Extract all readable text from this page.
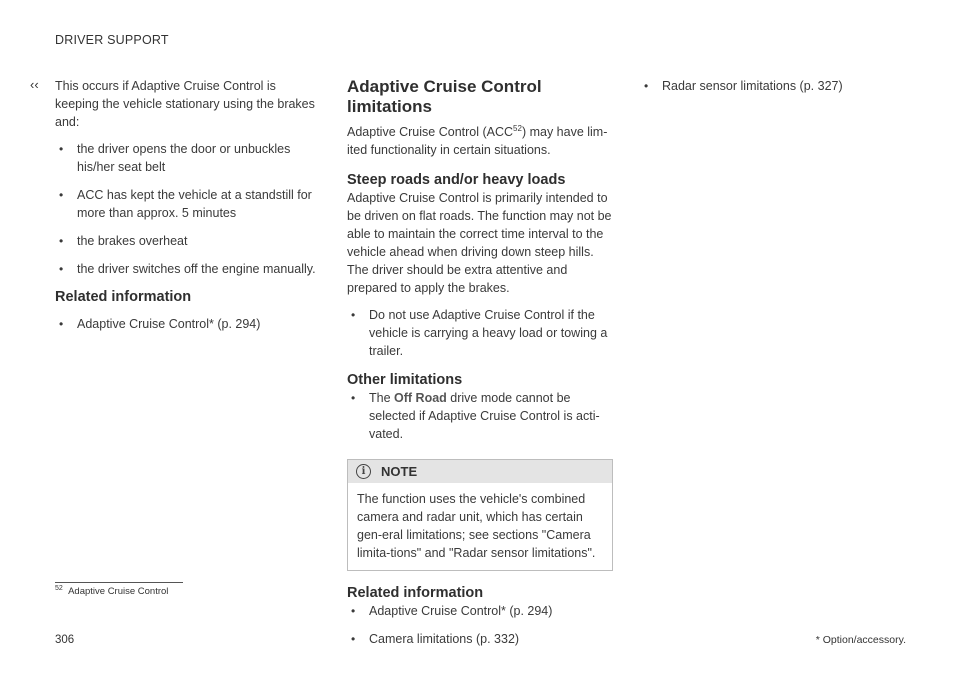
DRIVER SUPPORT
‹‹ This occurs if Adaptive Cruise Control is keeping the vehicle stationary using the brakes and:

• the driver opens the door or unbuckles his/her seat belt
• ACC has kept the vehicle at a standstill for more than approx. 5 minutes
• the brakes overheat
• the driver switches off the engine manually.
Related information
• Adaptive Cruise Control* (p. 294)
Adaptive Cruise Control limitations

Adaptive Cruise Control (ACC$^{52}$) may have lim-ited functionality in certain situations.

Steep roads and/or heavy loads

Adaptive Cruise Control is primarily intended to be driven on flat roads. The function may not be able to maintain the correct time interval to the vehicle ahead when driving down steep hills. The driver should be extra attentive and prepared to apply the brakes.

• Do not use Adaptive Cruise Control if the vehicle is carrying a heavy load or towing a trailer.
Other limitations
• The Off Road drive mode cannot be selected if Adaptive Cruise Control is acti-vated.
i	NOTE
The function uses the vehicle's combined camera and radar unit, which has certain gen-eral limitations; see sections "Camera limita-tions" and "Radar sensor limitations".
Related information
• Adaptive Cruise Control* (p. 294)
• Camera limitations (p. 332)
• Radar sensor limitations (p. 327)
$^{52}$ Adaptive Cruise Control
306	* Option/accessory.
